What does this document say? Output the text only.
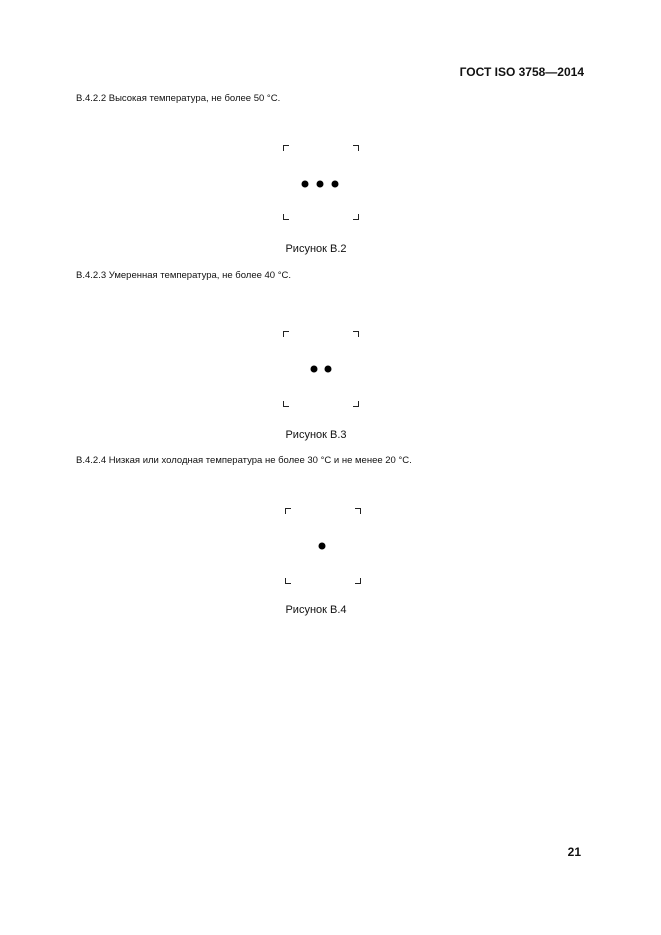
ГОСТ ISO 3758—2014
В.4.2.2 Высокая температура, не более 50 °С.
Рисунок В.2
В.4.2.3 Умеренная температура, не более 40 °С.
Рисунок В.3
В.4.2.4 Низкая или холодная температура не более 30 °С и не менее 20 °С.
Рисунок В.4
21
